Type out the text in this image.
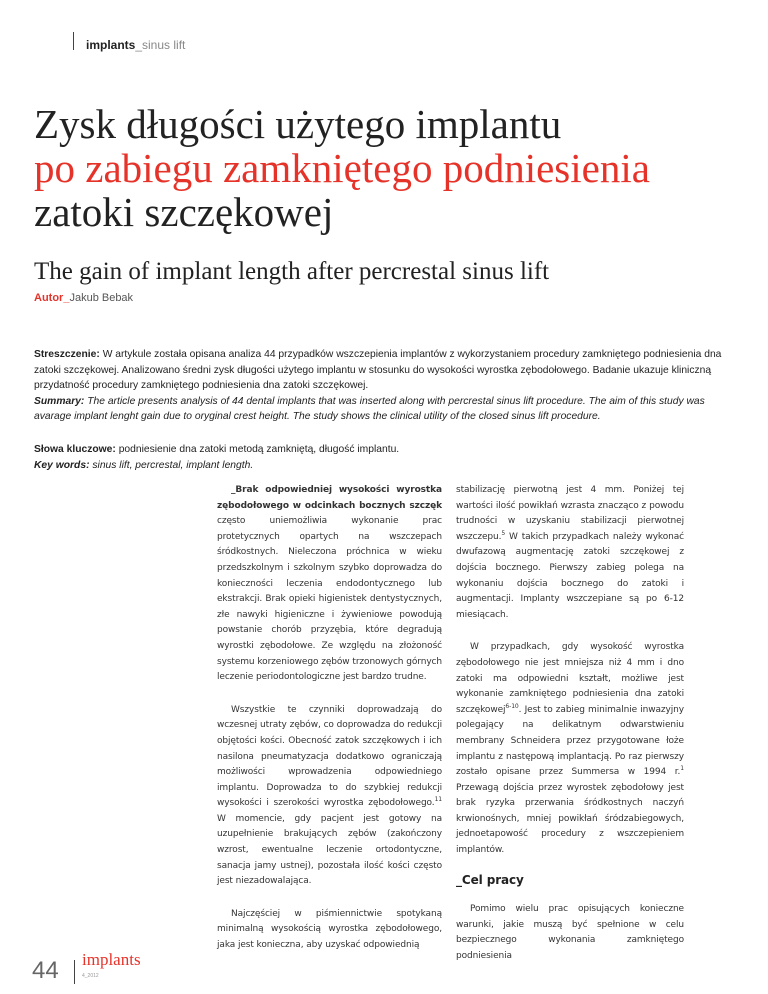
implants_sinus lift
Zysk długości użytego implantu
po zabiegu zamkniętego podniesienia
zatoki szczękowej
The gain of implant length after percrestal sinus lift
Autor_Jakub Bebak

Streszczenie: W artykule została opisana analiza 44 przypadków wszczepienia implantów z wykorzystaniem procedury zamkniętego podniesienia dna zatoki szczękowej. Analizowano średni zysk długości użytego implantu w stosunku do wysokości wyrostka zębodołowego. Badanie ukazuje kliniczną przydatność procedury zamkniętego podniesienia dna zatoki szczękowej.

Summary: The article presents analysis of 44 dental implants that was inserted along with percrestal sinus lift procedure. The aim of this study was avarage implant lenght gain due to oryginal crest height. The study shows the clinical utility of the closed sinus lift procedure.

Słowa kluczowe: podniesienie dna zatoki metodą zamkniętą, długość implantu.

Key words: sinus lift, percrestal, implant length.

_Brak odpowiedniej wysokości wyrostka zębodołowego w odcinkach bocznych szczęk często uniemożliwia wykonanie prac protetycznych opartych na wszczepach śródkostnych. Nieleczona próchnica w wieku przedszkolnym i szkolnym szybko doprowadza do konieczności leczenia endodontycznego lub ekstrakcji. Brak opieki higienistek dentystycznych, złe nawyki higieniczne i żywieniowe powodują powstanie chorób przyzębia, które degradują wyrostki zębodołowe. Ze względu na złożoność systemu korzeniowego zębów trzonowych górnych leczenie periodontologiczne jest bardzo trudne.

Wszystkie te czynniki doprowadzają do wczesnej utraty zębów, co doprowadza do redukcji objętości kości. Obecność zatok szczękowych i ich nasilona pneumatyzacja dodatkowo ograniczają możliwości wprowadzenia odpowiedniego implantu. Doprowadza to do szybkiej redukcji wysokości i szerokości wyrostka zębodołowego.$^{11}$ W momencie, gdy pacjent jest gotowy na uzupełnienie brakujących zębów (zakończony wzrost, ewentualne leczenie ortodontyczne, sanacja jamy ustnej), pozostała ilość kości często jest niezadowalająca.

Najczęściej w piśmiennictwie spotykaną minimalną wysokością wyrostka zębodołowego, jaka jest konieczna, aby uzyskać odpowiednią

stabilizację pierwotną jest 4 mm. Poniżej tej wartości ilość powikłań wzrasta znacząco z powodu trudności w uzyskaniu stabilizacji pierwotnej wszczepu.$^5$ W takich przypadkach należy wykonać dwufazową augmentację zatoki szczękowej z dojścia bocznego. Pierwszy zabieg polega na wykonaniu dojścia bocznego do zatoki i augmentacji. Implanty wszczepiane są po 6-12 miesiącach.

W przypadkach, gdy wysokość wyrostka zębodołowego nie jest mniejsza niż 4 mm i dno zatoki ma odpowiedni kształt, możliwe jest wykonanie zamkniętego podniesienia dna zatoki szczękowej$^{6-10}$. Jest to zabieg minimalnie inwazyjny polegający na delikatnym odwarstwieniu membrany Schneidera przez przygotowane łoże implantu z następową implantacją. Po raz pierwszy zostało opisane przez Summersa w 1994 r.$^1$ Przewagą dojścia przez wyrostek zębodołowy jest brak ryzyka przerwania śródkostnych naczyń krwionośnych, mniej powikłań śródzabiegowych, jednoetapowość procedury z wszczepieniem implantów.

_Cel pracy

Pomimo wielu prac opisujących konieczne warunki, jakie muszą być spełnione w celu bezpiecznego wykonania zamkniętego podniesienia

44 implants
4_2012
